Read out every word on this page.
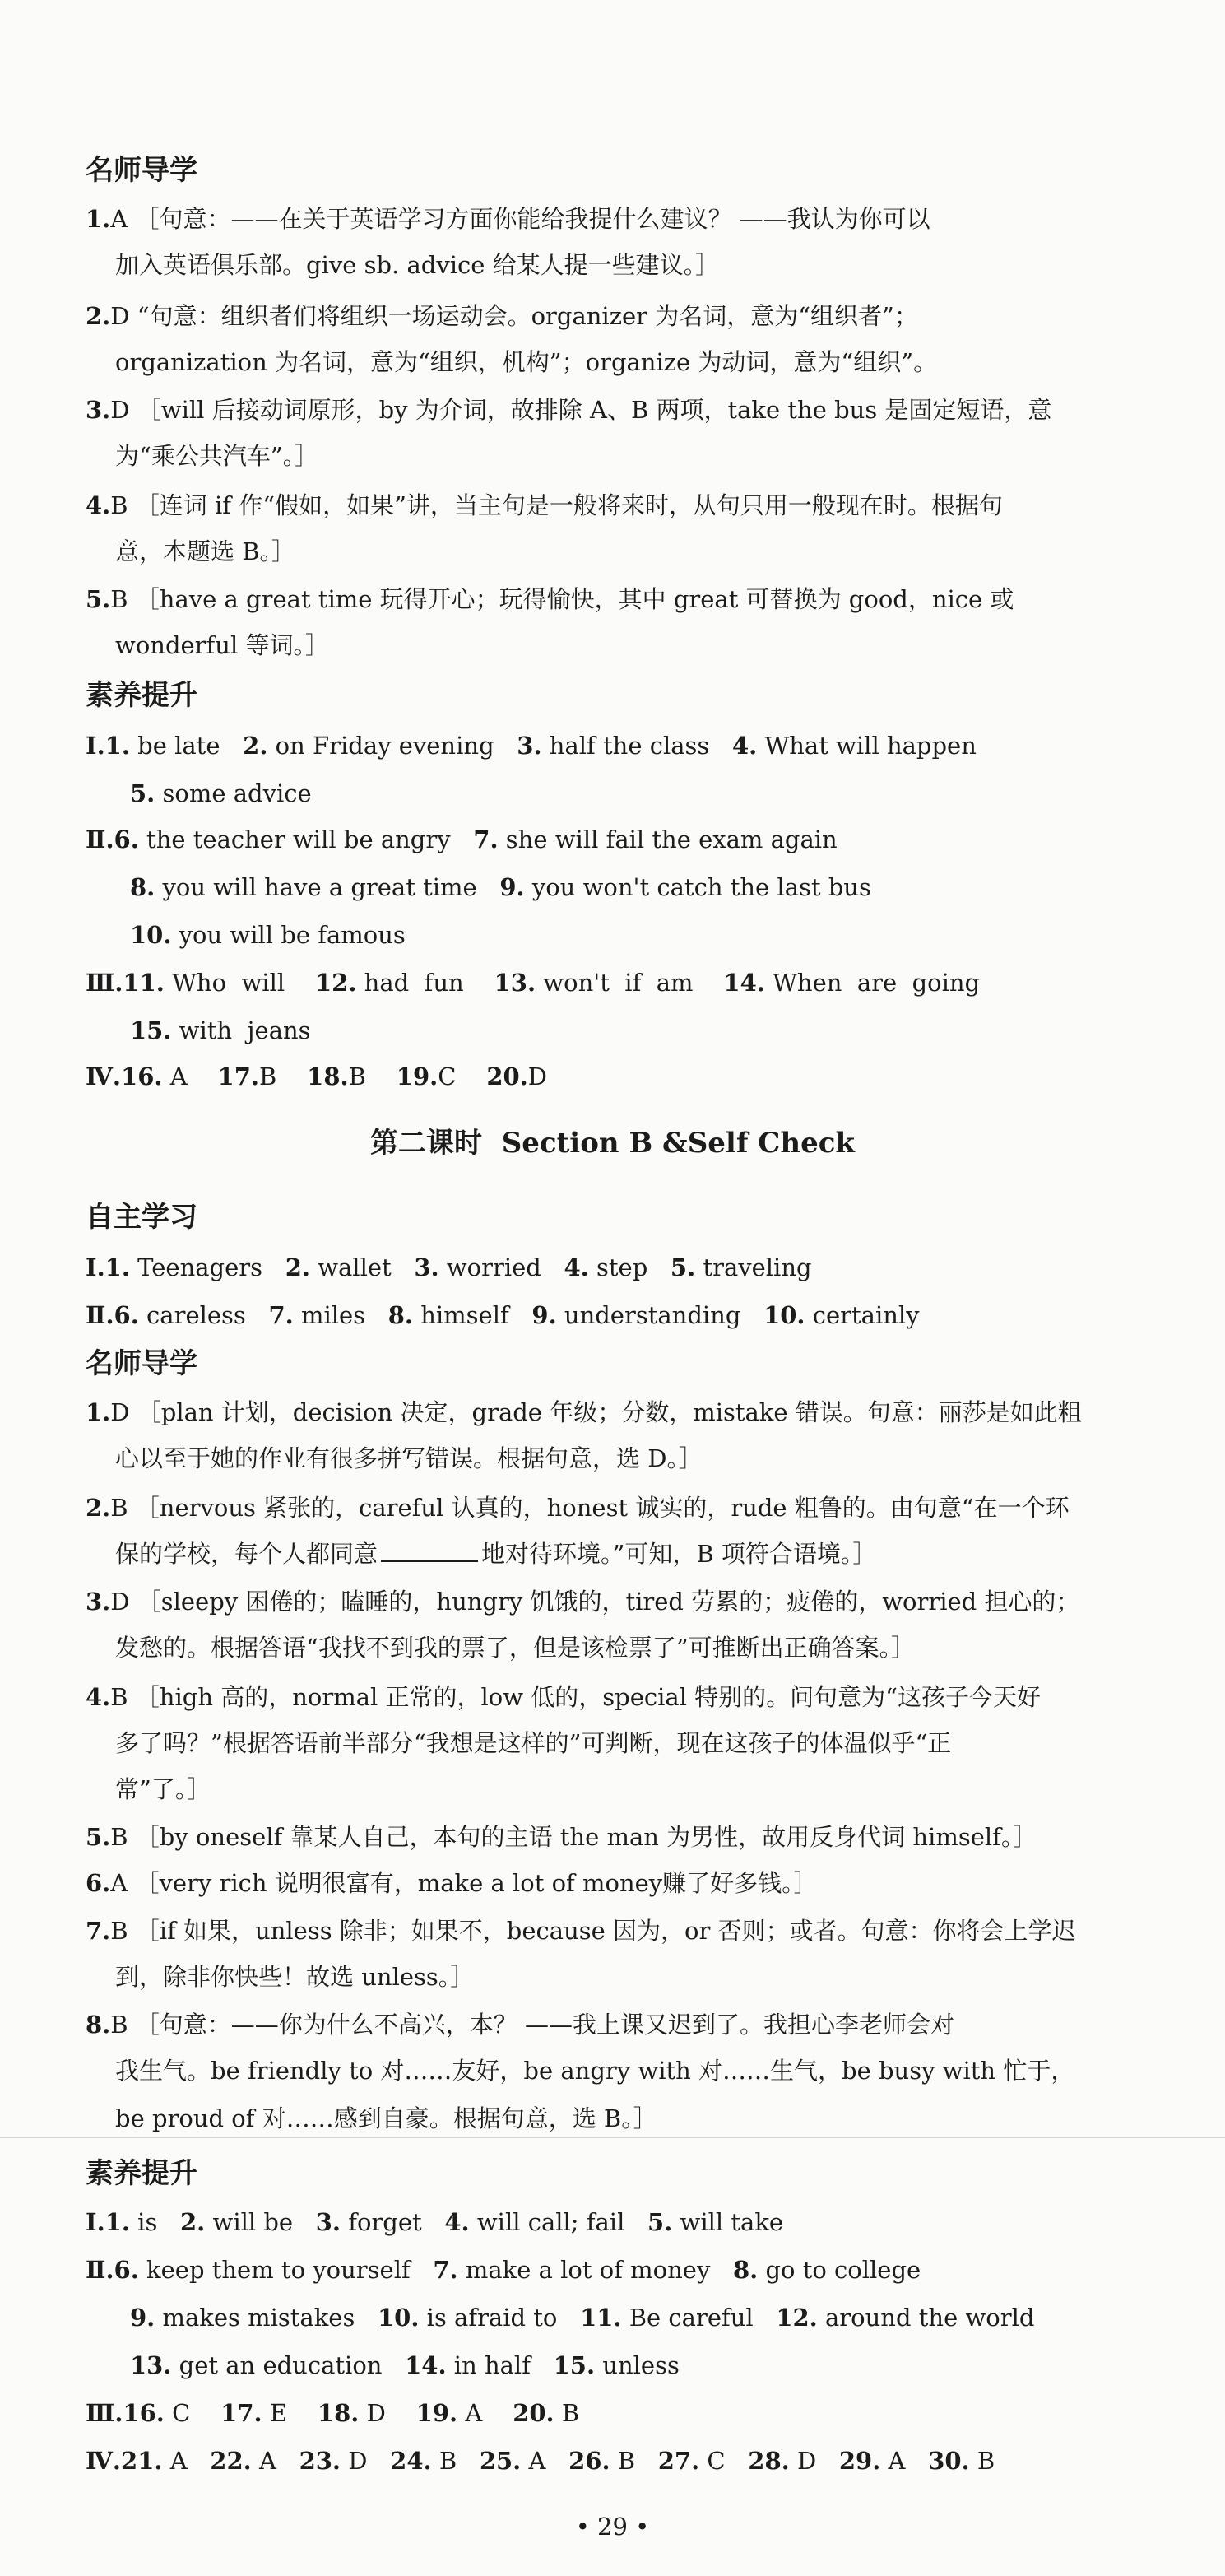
名师导学
1.A ［句意：——在关于英语学习方面你能给我提什么建议？ ——我认为你可以
加入英语俱乐部。give sb. advice 给某人提一些建议。］
2.D “句意：组织者们将组织一场运动会。organizer 为名词，意为“组织者”；
organization 为名词，意为“组织，机构”；organize 为动词，意为“组织”。
3.D ［will 后接动词原形，by 为介词，故排除 A、B 两项，take the bus 是固定短语，意
为“乘公共汽车”。］
4.B ［连词 if 作“假如，如果”讲，当主句是一般将来时，从句只用一般现在时。根据句
意，本题选 B。］
5.B ［have a great time 玩得开心；玩得愉快，其中 great 可替换为 good，nice 或
wonderful 等词。］
素养提升
Ⅰ.1. be late 2. on Friday evening 3. half the class 4. What will happen
5. some advice
Ⅱ.6. the teacher will be angry 7. she will fail the exam again
8. you will have a great time 9. you won't catch the last bus
10. you will be famous
Ⅲ.11. Who  will 12. had  fun 13. won't  if  am 14. When  are  going
15. with  jeans
Ⅳ.16. A 17.B 18.B 19.C 20.D
第二课时  Section B &Self Check
自主学习
Ⅰ.1. Teenagers 2. wallet 3. worried 4. step 5. traveling
Ⅱ.6. careless 7. miles 8. himself 9. understanding 10. certainly
名师导学
1.D ［plan 计划，decision 决定，grade 年级；分数，mistake 错误。句意：丽莎是如此粗
心以至于她的作业有很多拼写错误。根据句意，选 D。］
2.B ［nervous 紧张的，careful 认真的，honest 诚实的，rude 粗鲁的。由句意“在一个环
保的学校，每个人都同意	地对待环境。”可知，B 项符合语境。］
3.D ［sleepy 困倦的；瞌睡的，hungry 饥饿的，tired 劳累的；疲倦的，worried 担心的；
发愁的。根据答语“我找不到我的票了，但是该检票了”可推断出正确答案。］
4.B ［high 高的，normal 正常的，low 低的，special 特别的。问句意为“这孩子今天好
多了吗？”根据答语前半部分“我想是这样的”可判断，现在这孩子的体温似乎“正
常”了。］
5.B ［by oneself 靠某人自己，本句的主语 the man 为男性，故用反身代词 himself。］
6.A ［very rich 说明很富有，make a lot of money赚了好多钱。］
7.B ［if 如果，unless 除非；如果不，because 因为，or 否则；或者。句意：你将会上学迟
到，除非你快些！故选 unless。］
8.B ［句意：——你为什么不高兴，本？ ——我上课又迟到了。我担心李老师会对
我生气。be friendly to 对……友好，be angry with 对……生气，be busy with 忙于，
be proud of 对……感到自豪。根据句意，选 B。］
素养提升
Ⅰ.1. is 2. will be 3. forget 4. will call; fail 5. will take
Ⅱ.6. keep them to yourself 7. make a lot of money 8. go to college
9. makes mistakes 10. is afraid to 11. Be careful 12. around the world
13. get an education 14. in half 15. unless
Ⅲ.16. C 17. E 18. D 19. A 20. B
Ⅳ.21. A 22. A 23. D 24. B 25. A 26. B 27. C 28. D 29. A 30. B
• 29 •
